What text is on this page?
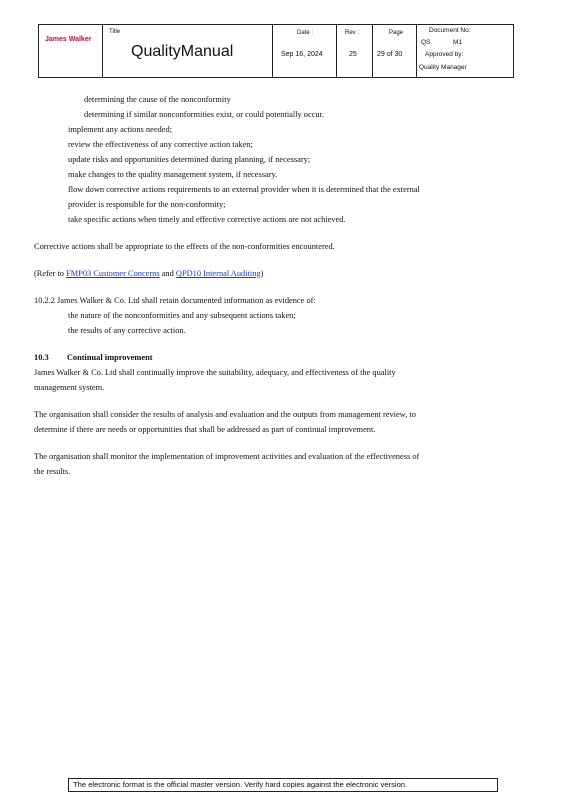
James Walker
Title
QualityManual
Date :
Sep 16, 2024
Rev :
25
Page
29 of 30
Document No:
QS	M1
Approved by:
Quality Manager
determining the cause of the nonconformity
determining if similar nonconformities exist, or could potentially occur.
implement any actions needed;
review the effectiveness of any corrective action taken;
update risks and opportunities determined during planning, if necessary;
make changes to the quality management system, if necessary.
flow down corrective actions requirements to an external provider when it is determined that the external
provider is responsible for the non-conformity;
take specific actions when timely and effective corrective actions are not achieved.
Corrective actions shall be appropriate to the effects of the non-conformities encountered.
(Refer to FMP03 Customer Concerns and QPD10 Internal Auditing)
10.2.2 James Walker & Co. Ltd shall retain documented information as evidence of:
the nature of the nonconformities and any subsequent actions taken;
the results of any corrective action.
10.3 Continual improvement
James Walker & Co. Ltd shall continually improve the suitability, adequacy, and effectiveness of the quality
management system.
The organisation shall consider the results of analysis and evaluation and the outputs from management review, to
determine if there are needs or opportunities that shall be addressed as part of continual improvement.
The organisation shall monitor the implementation of improvement activities and evaluation of the effectiveness of
the results.
The electronic format is the official master version. Verify hard copies against the electronic version.
